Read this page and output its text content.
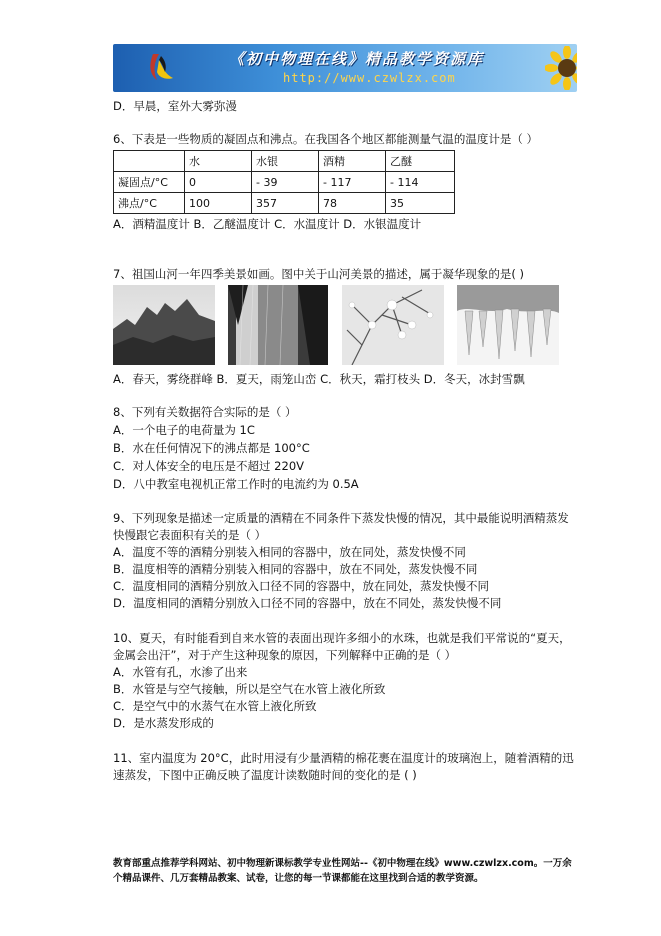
《初中物理在线》精品教学资源库
http://www.czwlzx.com
D．早晨，室外大雾弥漫
6、下表是一些物质的凝固点和沸点。在我国各个地区都能测量气温的温度计是（ ）
	水	水银	酒精	乙醚
凝固点/°C	0	- 39	- 117	- 114
沸点/°C	100	357	78	35
A．酒精温度计 B．乙醚温度计 C．水温度计 D．水银温度计
7、祖国山河一年四季美景如画。图中关于山河美景的描述，属于凝华现象的是( )
A．春天，雾绕群峰 B．夏天，雨笼山峦 C．秋天，霜打枝头 D．冬天，冰封雪飘
8、下列有关数据符合实际的是（ ）
A．一个电子的电荷量为 1C
B．水在任何情况下的沸点都是 100°C
C．对人体安全的电压是不超过 220V
D．八中教室电视机正常工作时的电流约为 0.5A
9、下列现象是描述一定质量的酒精在不同条件下蒸发快慢的情况，其中最能说明酒精蒸发
快慢跟它表面积有关的是（ ）
A．温度不等的酒精分别装入相同的容器中，放在同处，蒸发快慢不同
B．温度相等的酒精分别装入相同的容器中，放在不同处，蒸发快慢不同
C．温度相同的酒精分别放入口径不同的容器中，放在同处，蒸发快慢不同
D．温度相同的酒精分别放入口径不同的容器中，放在不同处，蒸发快慢不同
10、夏天，有时能看到自来水管的表面出现许多细小的水珠，也就是我们平常说的“夏天，
金属会出汗”，对于产生这种现象的原因，下列解释中正确的是（ ）
A．水管有孔，水渗了出来
B．水管是与空气接触，所以是空气在水管上液化所致
C．是空气中的水蒸气在水管上液化所致
D．是水蒸发形成的
11、室内温度为 20°C，此时用浸有少量酒精的棉花裹在温度计的玻璃泡上，随着酒精的迅
速蒸发，下图中正确反映了温度计读数随时间的变化的是 ( )
教育部重点推荐学科网站、初中物理新课标教学专业性网站--《初中物理在线》www.czwlzx.com。一万余
个精品课件、几万套精品教案、试卷，让您的每一节课都能在这里找到合适的教学资源。
